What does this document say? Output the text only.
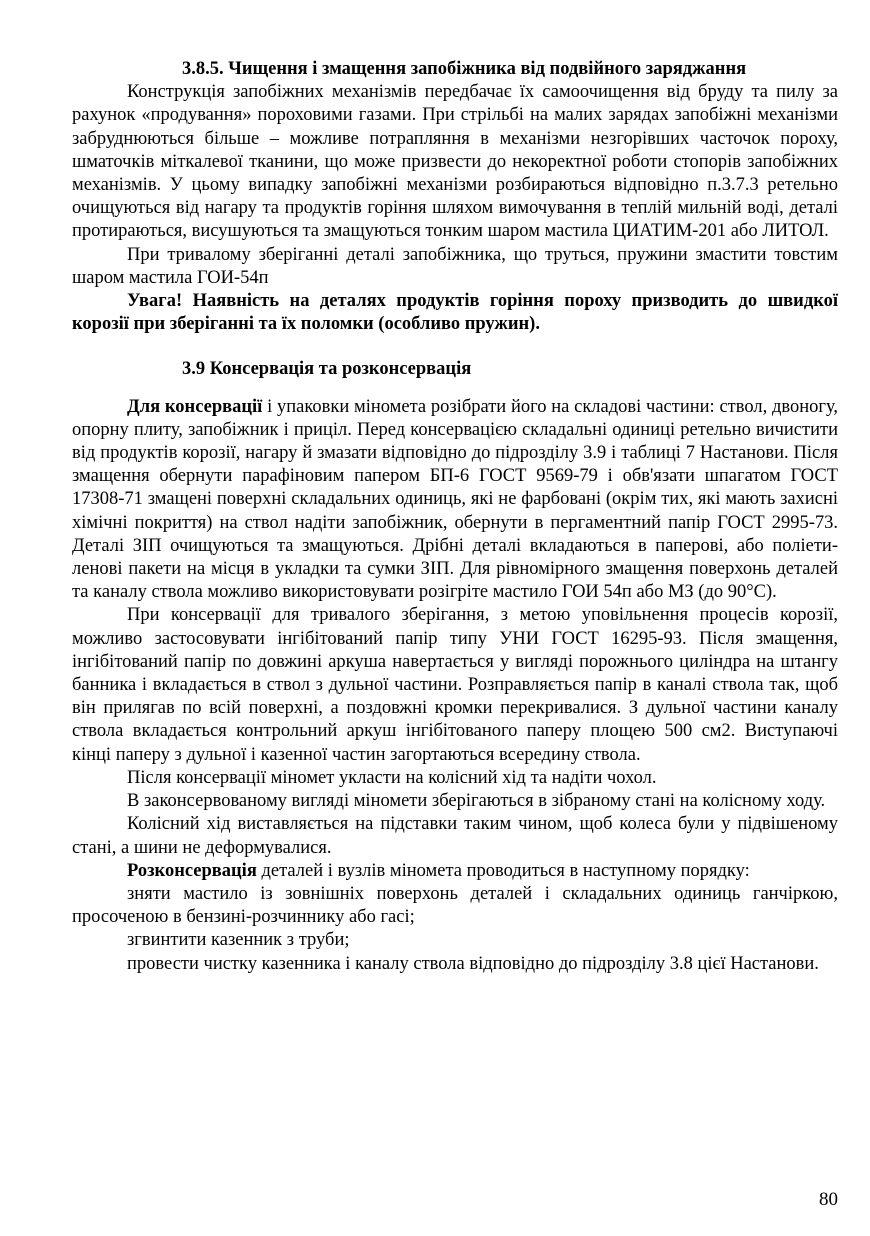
3.8.5. Чищення і змащення запобіжника від подвійного заряджання

Конструкція запобіжних механізмів передбачає їх самоочищення від бруду та пилу за рахунок «продування» пороховими газами. При стрільбі на малих зарядах запобіжні механізми забруднюються більше – можливе потрапляння в механізми незгорівших часточок пороху, шматочків міткалевої тканини, що може призвести до некоректної роботи стопорів запобіжних механізмів. У цьому випадку запобіжні механізми розбираються відповідно п.3.7.3 ретельно очищуються від нагару та продуктів горіння шляхом вимочування в теплій мильній воді, деталі протираються, висушуються та змащуються тонким шаром мастила ЦИАТИМ-201 або ЛИТОЛ.

При тривалому зберіганні деталі запобіжника, що труться, пружини змастити товстим шаром мастила ГОИ-54п

Увага! Наявність на деталях продуктів горіння пороху призводить до швидкої корозії при зберіганні та їх поломки (особливо пружин).

3.9 Консервація та розконсервація

Для консервації і упаковки міномета розібрати його на складові частини: ствол, двоногу, опорну плиту, запобіжник і приціл. Перед консервацією складальні одиниці ретельно вичистити від продуктів корозії, нагару й змазати відповідно до підрозділу 3.9 і таблиці 7 Настанови. Після змащення обернути парафіновим папером БП-6 ГОСТ 9569-79 і обв'язати шпагатом ГОСТ 17308-71 змащені поверхні складальних одиниць, які не фарбовані (окрім тих, які мають захисні хімічні покриття) на ствол надіти запобіжник, обернути в пергаментний папір ГОСТ 2995-73. Деталі ЗІП очищуються та змащуються. Дрібні деталі вкладаються в паперові, або поліетиленові пакети на місця в укладки та сумки ЗІП. Для рівномірного змащення поверхонь деталей та каналу ствола можливо використовувати розігріте мастило ГОИ 54п або МЗ (до 90°С).

При консервації для тривалого зберігання, з метою уповільнення процесів корозії, можливо застосовувати інгібітований папір типу УНИ ГОСТ 16295-93. Після змащення, інгібітований папір по довжині аркуша навертається у вигляді порожнього циліндра на штангу банника і вкладається в ствол з дульної частини. Розправляється папір в каналі ствола так, щоб він прилягав по всій поверхні, а поздовжні кромки перекривалися. З дульної частини каналу ствола вкладається контрольний аркуш інгібітованого паперу площею 500 см2. Виступаючі кінці паперу з дульної і казенної частин загортаються всередину ствола.

Після консервації міномет укласти на колісний хід та надіти чохол.

В законсервованому вигляді міномети зберігаються в зібраному стані на колісному ходу.

Колісний хід виставляється на підставки таким чином, щоб колеса були у підвішеному стані, а шини не деформувалися.

Розконсервація деталей і вузлів міномета проводиться в наступному порядку:

зняти мастило із зовнішніх поверхонь деталей і складальних одиниць ганчіркою, просоченою в бензині-розчиннику або гасі;

згвинтити казенник з труби;

провести чистку казенника і каналу ствола відповідно до підрозділу 3.8 цієї Настанови.

80
